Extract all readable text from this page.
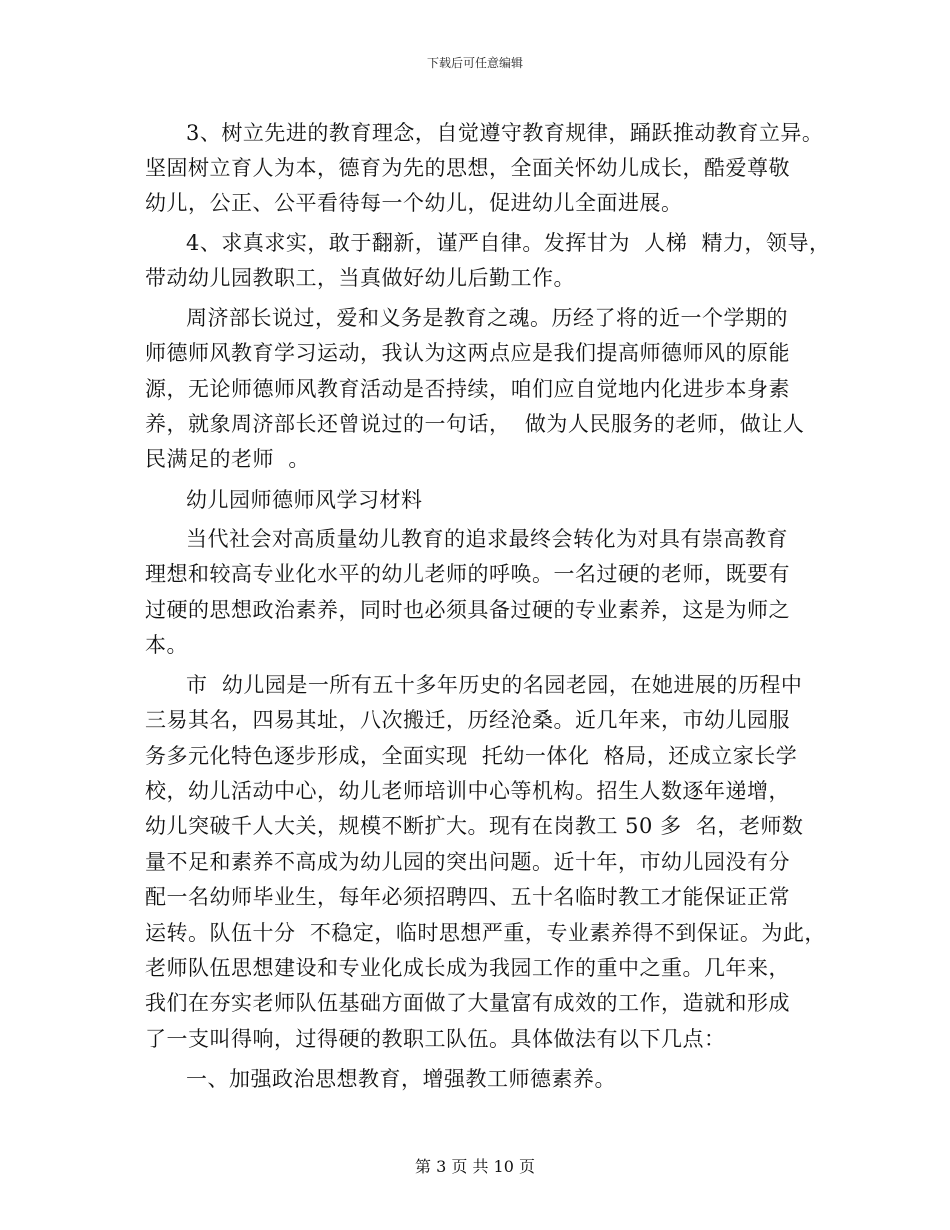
下载后可任意编辑
3、树立先进的教育理念，自觉遵守教育规律，踊跃推动教育立异。
坚固树立育人为本，德育为先的思想，全面关怀幼儿成长，酷爱尊敬
幼儿，公正、公平看待每一个幼儿，促进幼儿全面进展。
4、求真求实，敢于翻新，谨严自律。发挥甘为  人梯  精力，领导，
带动幼儿园教职工，当真做好幼儿后勤工作。
周济部长说过，爱和义务是教育之魂。历经了将的近一个学期的
师德师风教育学习运动，我认为这两点应是我们提高师德师风的原能
源，无论师德师风教育活动是否持续，咱们应自觉地内化进步本身素
养，就象周济部长还曾说过的一句话，  做为人民服务的老师，做让人
民满足的老师  。
幼儿园师德师风学习材料
当代社会对高质量幼儿教育的追求最终会转化为对具有崇高教育
理想和较高专业化水平的幼儿老师的呼唤。一名过硬的老师，既要有
过硬的思想政治素养，同时也必须具备过硬的专业素养，这是为师之
本。
市  幼儿园是一所有五十多年历史的名园老园，在她进展的历程中
三易其名，四易其址，八次搬迁，历经沧桑。近几年来，市幼儿园服
务多元化特色逐步形成，全面实现  托幼一体化  格局，还成立家长学
校，幼儿活动中心，幼儿老师培训中心等机构。招生人数逐年递增，
幼儿突破千人大关，规模不断扩大。现有在岗教工 50 多  名，老师数
量不足和素养不高成为幼儿园的突出问题。近十年，市幼儿园没有分
配一名幼师毕业生，每年必须招聘四、五十名临时教工才能保证正常
运转。队伍十分  不稳定，临时思想严重，专业素养得不到保证。为此，
老师队伍思想建设和专业化成长成为我园工作的重中之重。几年来，
我们在夯实老师队伍基础方面做了大量富有成效的工作，造就和形成
了一支叫得响，过得硬的教职工队伍。具体做法有以下几点：
一、加强政治思想教育，增强教工师德素养。
第 3 页 共 10 页
